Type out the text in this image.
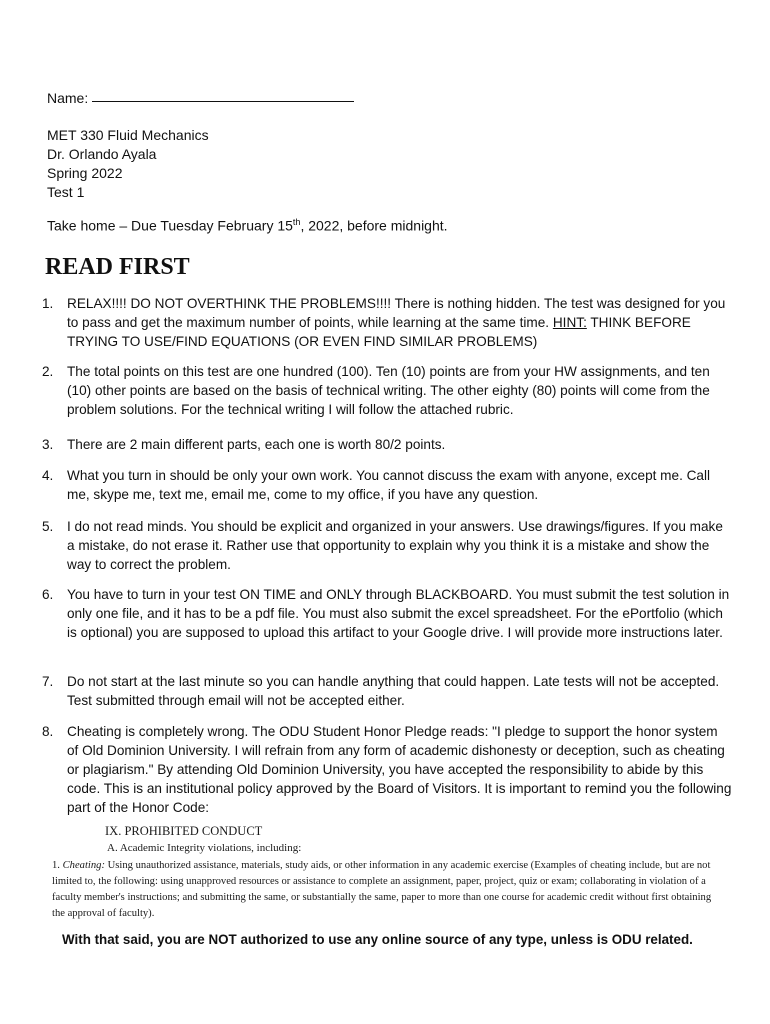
Name:
MET 330 Fluid Mechanics
Dr. Orlando Ayala
Spring 2022
Test 1
Take home – Due Tuesday February 15th, 2022, before midnight.
READ FIRST
1. RELAX!!!! DO NOT OVERTHINK THE PROBLEMS!!!! There is nothing hidden. The test was designed for you to pass and get the maximum number of points, while learning at the same time. HINT: THINK BEFORE TRYING TO USE/FIND EQUATIONS (OR EVEN FIND SIMILAR PROBLEMS)
2. The total points on this test are one hundred (100). Ten (10) points are from your HW assignments, and ten (10) other points are based on the basis of technical writing. The other eighty (80) points will come from the problem solutions. For the technical writing I will follow the attached rubric.
3. There are 2 main different parts, each one is worth 80/2 points.
4. What you turn in should be only your own work. You cannot discuss the exam with anyone, except me. Call me, skype me, text me, email me, come to my office, if you have any question.
5. I do not read minds. You should be explicit and organized in your answers. Use drawings/figures. If you make a mistake, do not erase it. Rather use that opportunity to explain why you think it is a mistake and show the way to correct the problem.
6. You have to turn in your test ON TIME and ONLY through BLACKBOARD. You must submit the test solution in only one file, and it has to be a pdf file. You must also submit the excel spreadsheet. For the ePortfolio (which is optional) you are supposed to upload this artifact to your Google drive. I will provide more instructions later.
7. Do not start at the last minute so you can handle anything that could happen. Late tests will not be accepted. Test submitted through email will not be accepted either.
8. Cheating is completely wrong. The ODU Student Honor Pledge reads: "I pledge to support the honor system of Old Dominion University. I will refrain from any form of academic dishonesty or deception, such as cheating or plagiarism." By attending Old Dominion University, you have accepted the responsibility to abide by this code. This is an institutional policy approved by the Board of Visitors. It is important to remind you the following part of the Honor Code:
IX. PROHIBITED CONDUCT
A. Academic Integrity violations, including:
1. Cheating: Using unauthorized assistance, materials, study aids, or other information in any academic exercise (Examples of cheating include, but are not limited to, the following: using unapproved resources or assistance to complete an assignment, paper, project, quiz or exam; collaborating in violation of a faculty member's instructions; and submitting the same, or substantially the same, paper to more than one course for academic credit without first obtaining the approval of faculty).
With that said, you are NOT authorized to use any online source of any type, unless is ODU related.
